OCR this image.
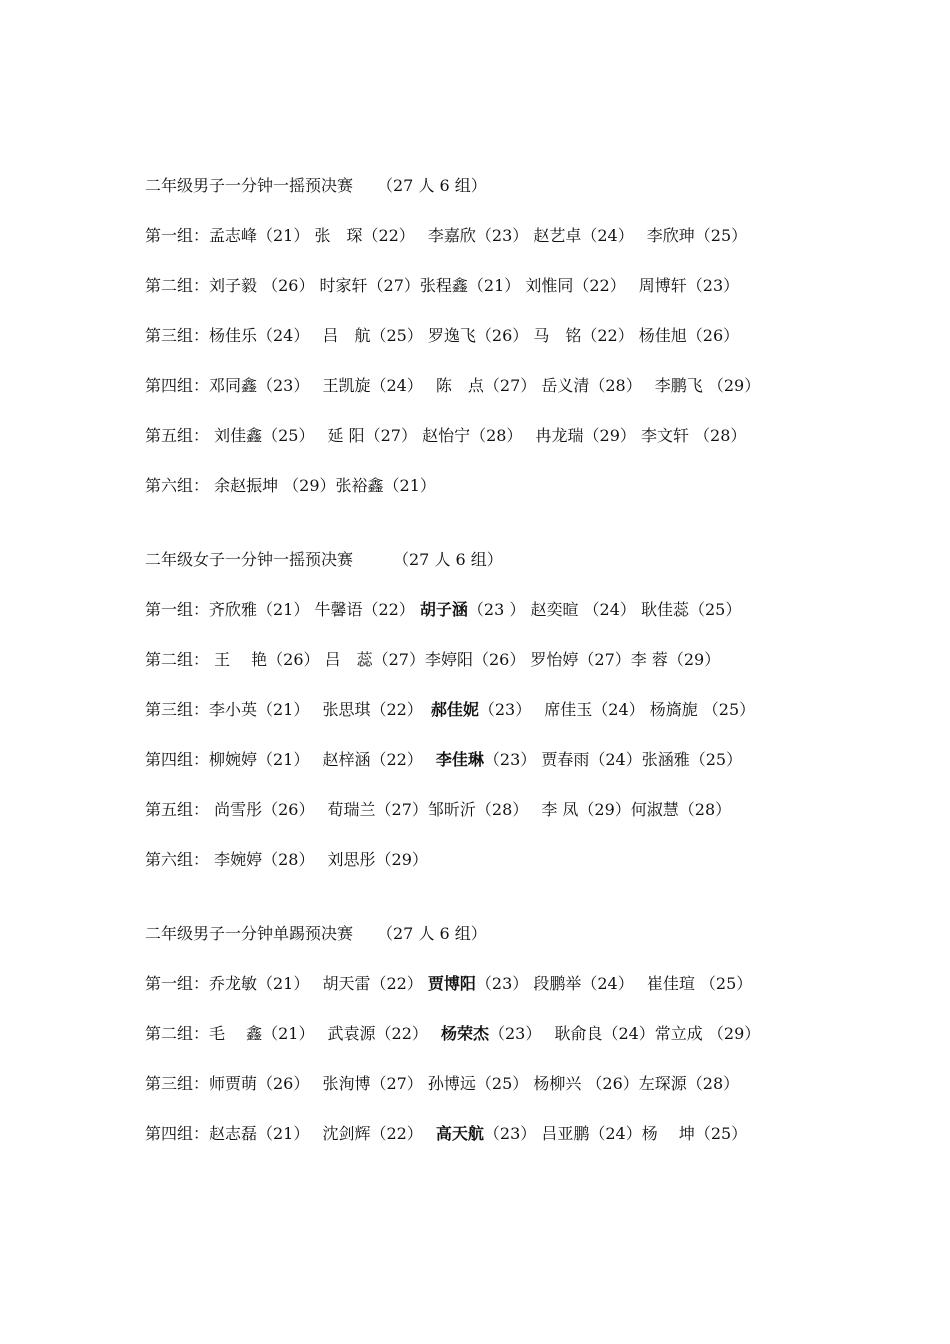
二年级男子一分钟一摇预决赛　　（27 人 6 组）
第一组：孟志峰（21） 张　琛（22）　 李嘉欣（23） 赵艺卓（24）　 李欣珅（25）
第二组：刘子毅 （26） 时家轩（27）张程鑫（21） 刘惟同（22）　 周博轩（23）
第三组：杨佳乐（24）　 吕　航（25） 罗逸飞（26） 马　铭（22） 杨佳旭（26）
第四组：邓同鑫（23）　 王凯旋（24）　 陈　点（27） 岳义清（28）　 李鹏飞 （29）
第五组： 刘佳鑫（25）　 延 阳（27） 赵怡宁（28）　 冉龙瑞（29） 李文轩 （28）
第六组： 余赵振坤 （29）张裕鑫（21）
二年级女子一分钟一摇预决赛　　　（27 人 6 组）
第一组：齐欣雅（21） 牛馨语（22） 胡子涵（23 ） 赵奕暄 （24） 耿佳蕊（25）
第二组： 王　 艳（26） 吕　蕊（27）李婷阳（26） 罗怡婷（27）李 蓉（29）
第三组：李小英（21）　 张思琪（22）　郝佳妮（23）　 席佳玉（24） 杨旖旎 （25）
第四组：柳婉婷（21）　 赵梓涵（22）　 李佳琳（23） 贾春雨（24）张涵雅（25）
第五组： 尚雪彤（26）　 荀瑞兰（27）邹昕沂（28）　 李 凤（29）何淑慧（28）
第六组： 李婉婷（28）　 刘思彤（29）
二年级男子一分钟单踢预决赛　　（27 人 6 组）
第一组：乔龙敏（21）　 胡天雷（22） 贾博阳（23） 段鹏举（24）　 崔佳瑄 （25）
第二组：毛　 鑫（21）　 武袁源（22）　 杨荣杰（23）　 耿俞良（24）常立成 （29）
第三组：师贾萌（26）　 张洵博（27） 孙博远（25） 杨柳兴 （26）左琛源（28）
第四组：赵志磊（21）　 沈剑辉（22）　 高天航（23） 吕亚鹏（24）杨　 坤（25）
